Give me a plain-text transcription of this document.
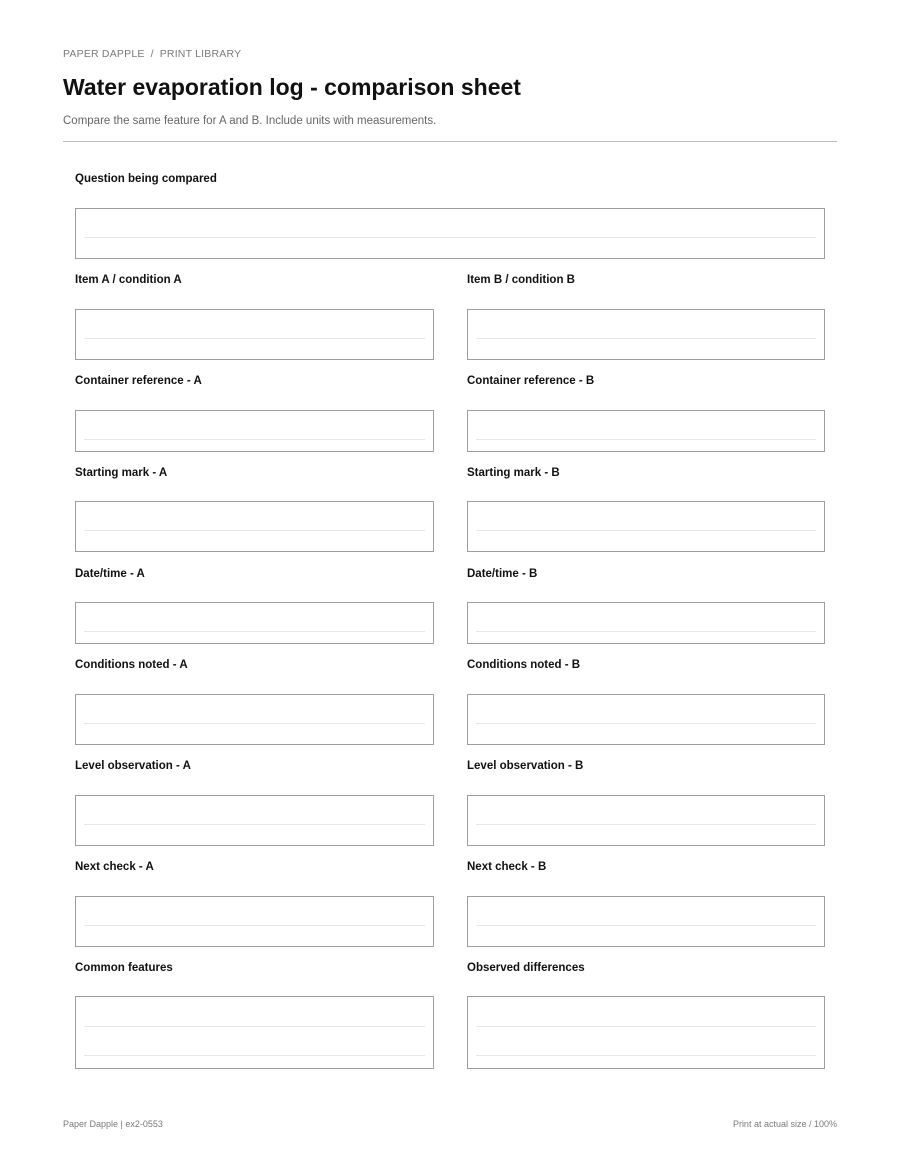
PAPER DAPPLE / PRINT LIBRARY
Water evaporation log - comparison sheet

Compare the same feature for A and B. Include units with measurements.

Question being compared
Item A / condition A	Item B / condition B
Container reference - A	Container reference - B
Starting mark - A	Starting mark - B
Date/time - A	Date/time - B
Conditions noted - A	Conditions noted - B
Level observation - A	Level observation - B
Next check - A	Next check - B
Common features	Observed differences
Paper Dapple | ex2-0553	Print at actual size / 100%
